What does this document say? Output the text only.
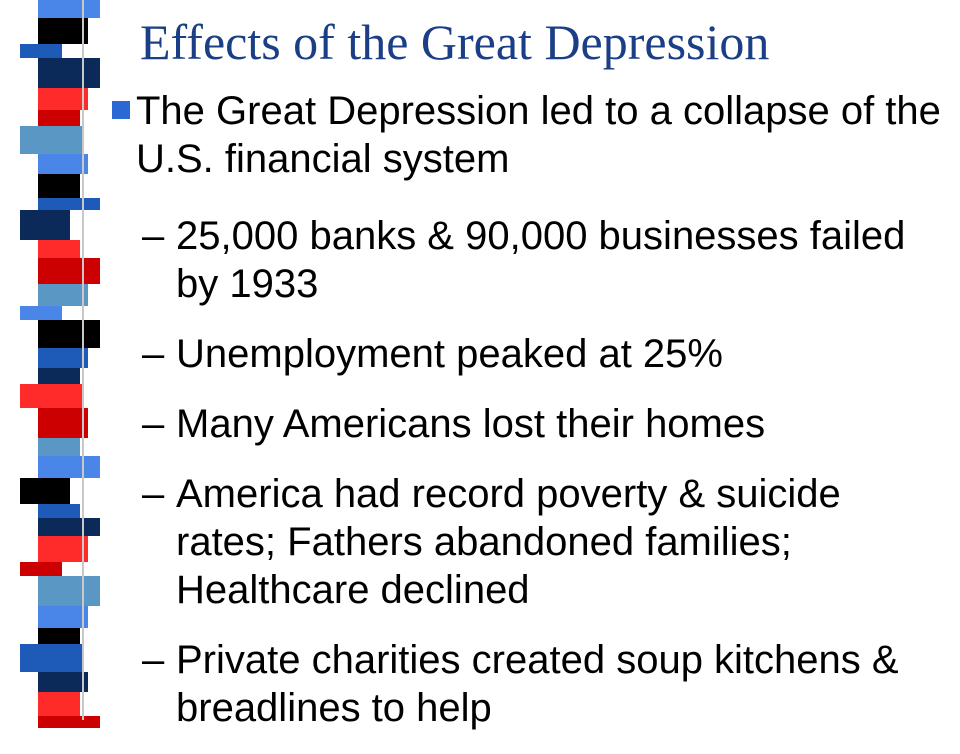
Effects of the Great Depression
The Great Depression led to a collapse of the U.S. financial system
– 25,000 banks & 90,000 businesses failed by 1933
– Unemployment peaked at 25%
– Many Americans lost their homes
– America had record poverty & suicide rates; Fathers abandoned families; Healthcare declined
– Private charities created soup kitchens & breadlines to help
